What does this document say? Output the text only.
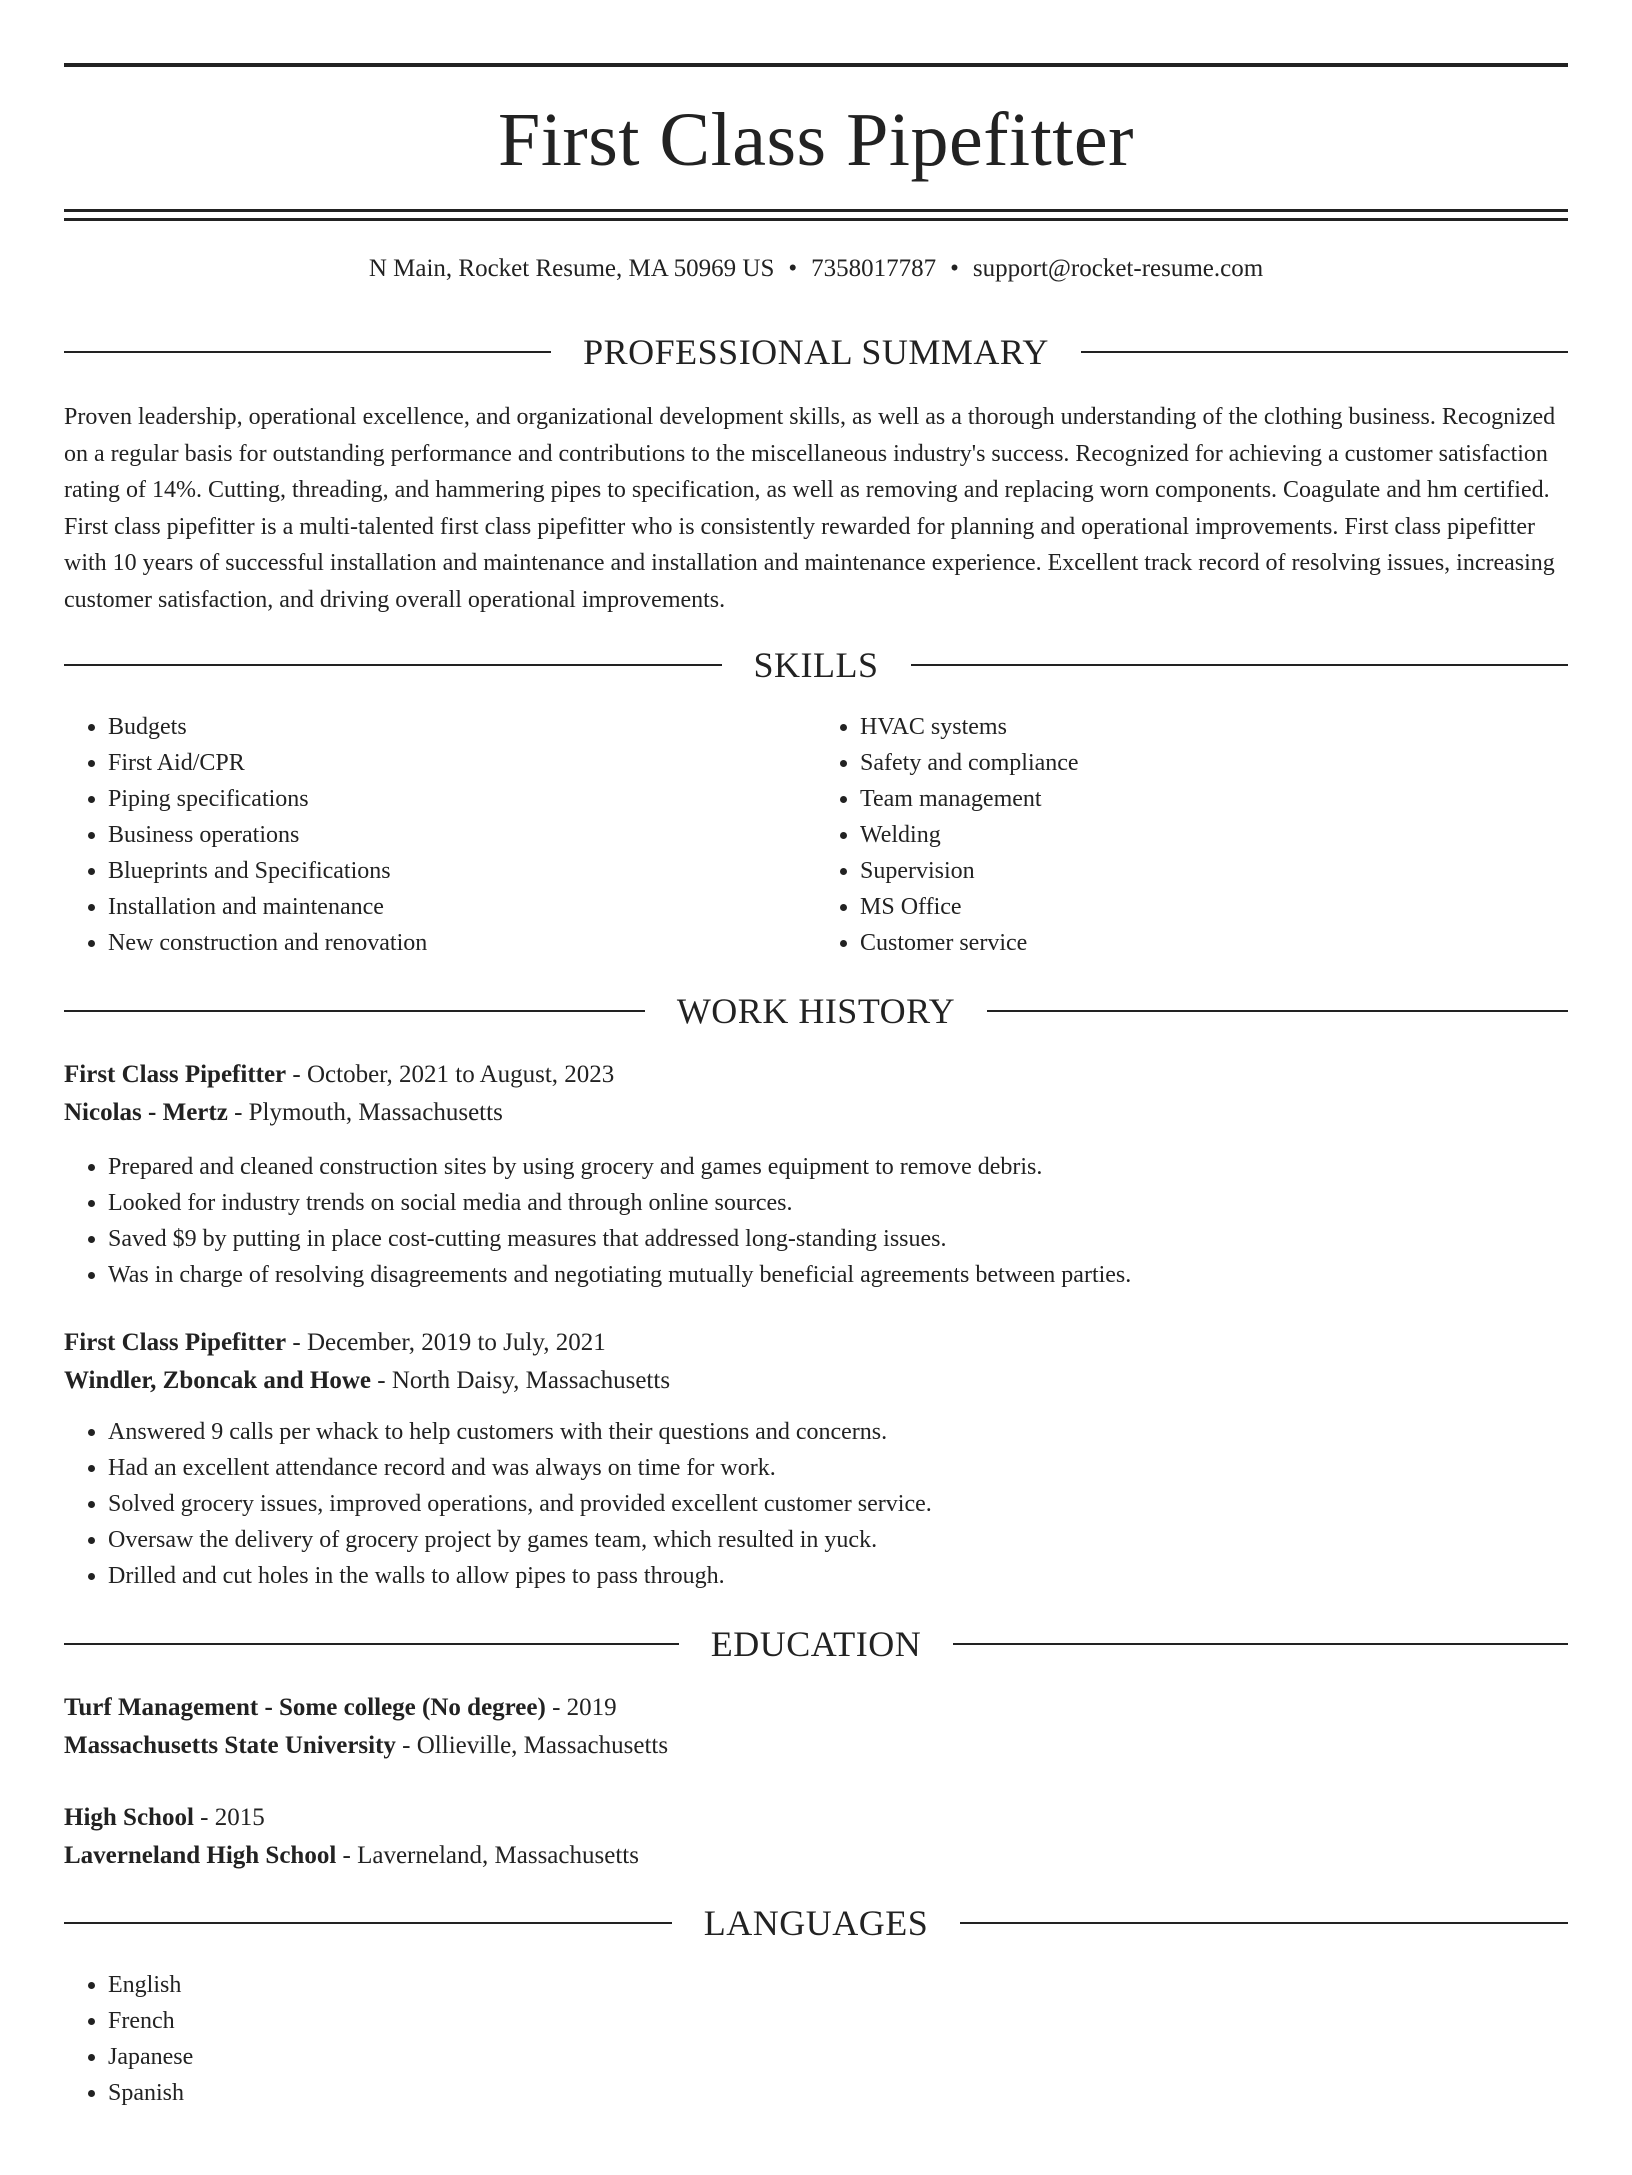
First Class Pipefitter
N Main, Rocket Resume, MA 50969 US • 7358017787 • support@rocket-resume.com
PROFESSIONAL SUMMARY

Proven leadership, operational excellence, and organizational development skills, as well as a thorough understanding of the clothing business. Recognized on a regular basis for outstanding performance and contributions to the miscellaneous industry's success. Recognized for achieving a customer satisfaction rating of 14%. Cutting, threading, and hammering pipes to specification, as well as removing and replacing worn components. Coagulate and hm certified. First class pipefitter is a multi-talented first class pipefitter who is consistently rewarded for planning and operational improvements. First class pipefitter with 10 years of successful installation and maintenance and installation and maintenance experience. Excellent track record of resolving issues, increasing customer satisfaction, and driving overall operational improvements.

SKILLS
• Budgets
• First Aid/CPR
• Piping specifications
• Business operations
• Blueprints and Specifications
• Installation and maintenance
• New construction and renovation
• HVAC systems
• Safety and compliance
• Team management
• Welding
• Supervision
• MS Office
• Customer service
WORK HISTORY

First Class Pipefitter - October, 2021 to August, 2023

Nicolas - Mertz - Plymouth, Massachusetts

• Prepared and cleaned construction sites by using grocery and games equipment to remove debris.
• Looked for industry trends on social media and through online sources.
• Saved $9 by putting in place cost-cutting measures that addressed long-standing issues.
• Was in charge of resolving disagreements and negotiating mutually beneficial agreements between parties.

First Class Pipefitter - December, 2019 to July, 2021

Windler, Zboncak and Howe - North Daisy, Massachusetts

• Answered 9 calls per whack to help customers with their questions and concerns.
• Had an excellent attendance record and was always on time for work.
• Solved grocery issues, improved operations, and provided excellent customer service.
• Oversaw the delivery of grocery project by games team, which resulted in yuck.
• Drilled and cut holes in the walls to allow pipes to pass through.
EDUCATION

Turf Management - Some college (No degree) - 2019

Massachusetts State University - Ollieville, Massachusetts

High School - 2015

Laverneland High School - Laverneland, Massachusetts

LANGUAGES
• English
• French
• Japanese
• Spanish
